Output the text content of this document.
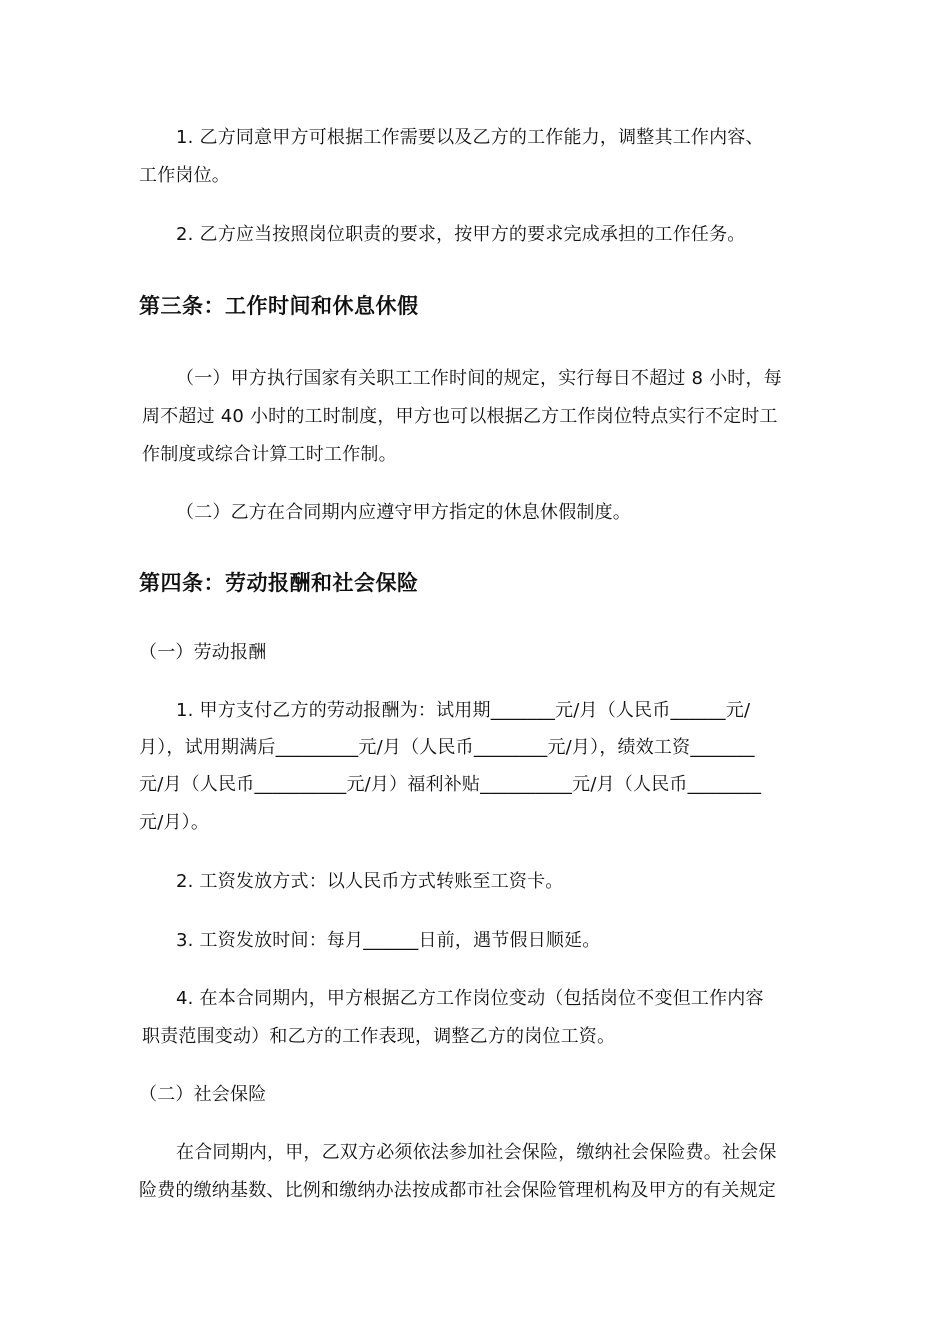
1. 乙方同意甲方可根据工作需要以及乙方的工作能力，调整其工作内容、
工作岗位。
2. 乙方应当按照岗位职责的要求，按甲方的要求完成承担的工作任务。
第三条：工作时间和休息休假
（一）甲方执行国家有关职工工作时间的规定，实行每日不超过 8 小时，每
周不超过 40 小时的工时制度，甲方也可以根据乙方工作岗位特点实行不定时工
作制度或综合计算工时工作制。
（二）乙方在合同期内应遵守甲方指定的休息休假制度。
第四条：劳动报酬和社会保险
（一）劳动报酬
1. 甲方支付乙方的劳动报酬为：试用期_______元/月（人民币______元/
月），试用期满后_________元/月（人民币________元/月），绩效工资_______
元/月（人民币__________元/月）福利补贴__________元/月（人民币________
元/月）。
2. 工资发放方式：以人民币方式转账至工资卡。
3. 工资发放时间：每月______日前，遇节假日顺延。
4. 在本合同期内，甲方根据乙方工作岗位变动（包括岗位不变但工作内容
职责范围变动）和乙方的工作表现，调整乙方的岗位工资。
（二）社会保险
在合同期内，甲，乙双方必须依法参加社会保险，缴纳社会保险费。社会保
险费的缴纳基数、比例和缴纳办法按成都市社会保险管理机构及甲方的有关规定
